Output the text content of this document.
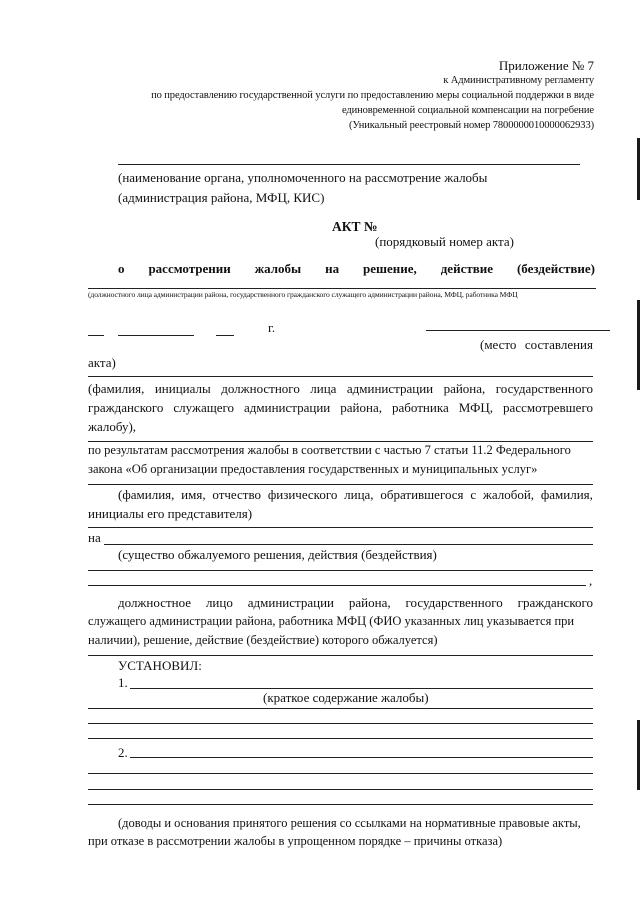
Приложение № 7
к Административному регламенту
по предоставлению государственной услуги по предоставлению меры социальной поддержки в виде
единовременной социальной компенсации на погребение
(Уникальный реестровый номер 7800000010000062933)
(наименование органа, уполномоченного на рассмотрение жалобы
(администрация района, МФЦ, КИС)
АКТ №
(порядковый номер акта)
о рассмотрении жалобы на решение, действие (бездействие)
(должностного лица администрации района, государственного гражданского служащего администрации района, МФЦ, работника МФЦ
г.
(место составления
акта)
(фамилия, инициалы должностного лица администрации района, государственного
гражданского служащего администрации района, работника МФЦ, рассмотревшего
жалобу),
по результатам рассмотрения жалобы в соответствии с частью 7 статьи 11.2 Федерального
закона «Об организации предоставления государственных и муниципальных услуг»
(фамилия, имя, отчество физического лица, обратившегося с жалобой, фамилия,
инициалы его представителя)
на
(существо обжалуемого решения, действия (бездействия)
,
должностное лицо администрации района, государственного гражданского
служащего администрации района, работника МФЦ (ФИО указанных лиц указывается при
наличии), решение, действие (бездействие) которого обжалуется)
УСТАНОВИЛ:
1.
(краткое содержание жалобы)
2.
(доводы и основания принятого решения со ссылками на нормативные правовые акты,
при отказе в рассмотрении жалобы в упрощенном порядке – причины отказа)
